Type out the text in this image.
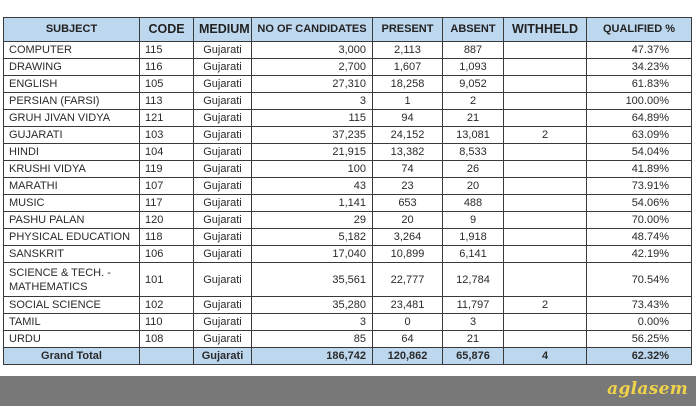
SUBJECT	CODE	MEDIUM	NO OF CANDIDATES	PRESENT	ABSENT	WITHHELD	QUALIFIED %
COMPUTER	115	Gujarati	3,000	2,113	887		47.37%
DRAWING	116	Gujarati	2,700	1,607	1,093		34.23%
ENGLISH	105	Gujarati	27,310	18,258	9,052		61.83%
PERSIAN (FARSI)	113	Gujarati	3	1	2		100.00%
GRUH JIVAN VIDYA	121	Gujarati	115	94	21		64.89%
GUJARATI	103	Gujarati	37,235	24,152	13,081	2	63.09%
HINDI	104	Gujarati	21,915	13,382	8,533		54.04%
KRUSHI VIDYA	119	Gujarati	100	74	26		41.89%
MARATHI	107	Gujarati	43	23	20		73.91%
MUSIC	117	Gujarati	1,141	653	488		54.06%
PASHU PALAN	120	Gujarati	29	20	9		70.00%
PHYSICAL EDUCATION	118	Gujarati	5,182	3,264	1,918		48.74%
SANSKRIT	106	Gujarati	17,040	10,899	6,141		42.19%
SCIENCE & TECH. - MATHEMATICS	101	Gujarati	35,561	22,777	12,784		70.54%
SOCIAL SCIENCE	102	Gujarati	35,280	23,481	11,797	2	73.43%
TAMIL	110	Gujarati	3	0	3		0.00%
URDU	108	Gujarati	85	64	21		56.25%
Grand Total		Gujarati	186,742	120,862	65,876	4	62.32%
aglasem
